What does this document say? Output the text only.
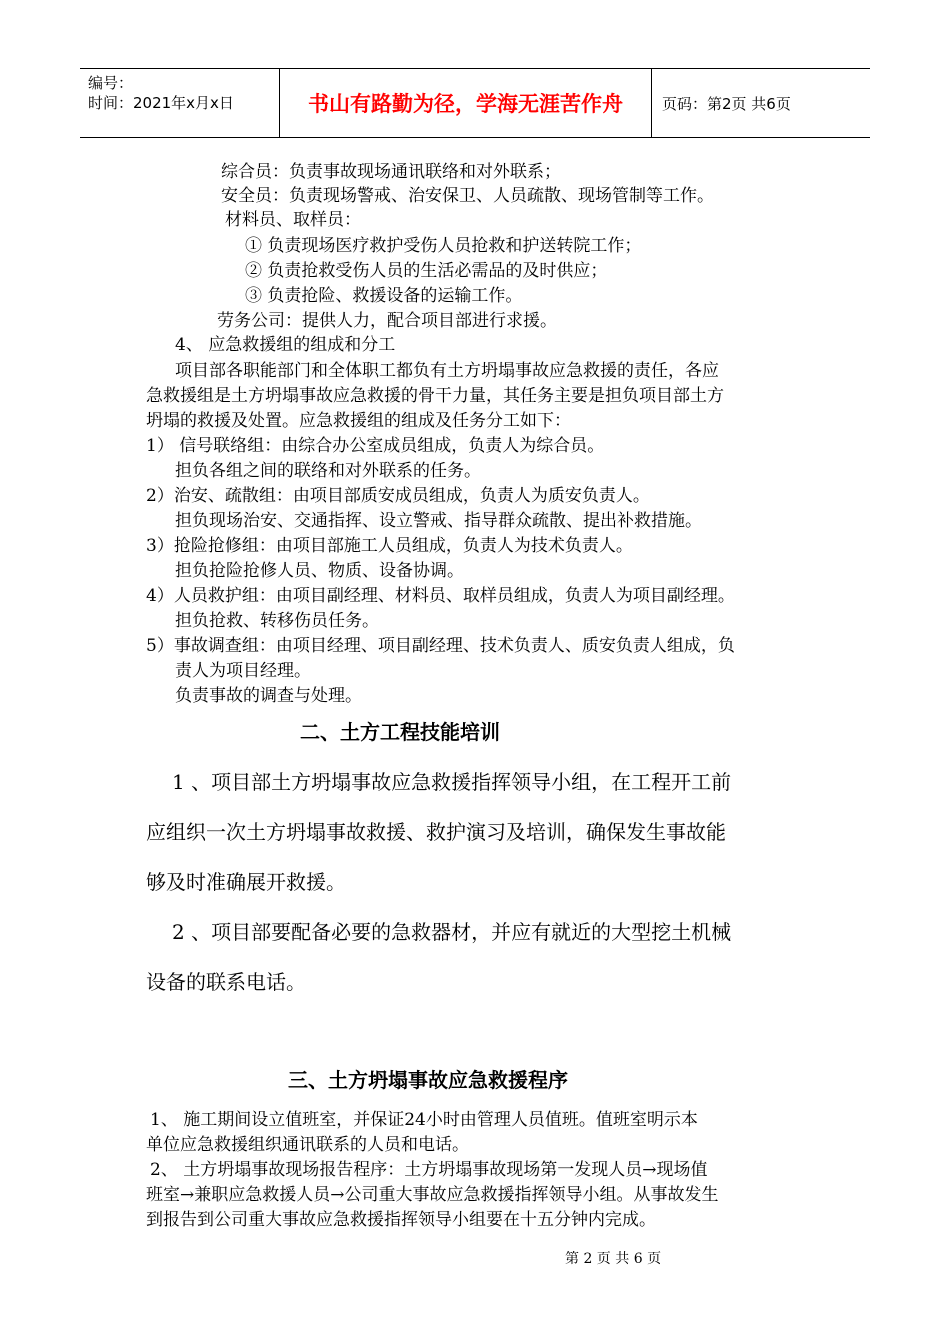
编号：
时间：2021年x月x日	书山有路勤为径，学海无涯苦作舟	页码：第2页 共6页
综合员：负责事故现场通讯联络和对外联系；
安全员：负责现场警戒、治安保卫、人员疏散、现场管制等工作。
材料员、取样员：
① 负责现场医疗救护受伤人员抢救和护送转院工作；
② 负责抢救受伤人员的生活必需品的及时供应；
③ 负责抢险、救援设备的运输工作。
劳务公司：提供人力，配合项目部进行求援。
4、 应急救援组的组成和分工
项目部各职能部门和全体职工都负有土方坍塌事故应急救援的责任，各应
急救援组是土方坍塌事故应急救援的骨干力量，其任务主要是担负项目部土方
坍塌的救援及处置。应急救援组的组成及任务分工如下：
1） 信号联络组：由综合办公室成员组成，负责人为综合员。
担负各组之间的联络和对外联系的任务。
2）治安、疏散组：由项目部质安成员组成，负责人为质安负责人。
担负现场治安、交通指挥、设立警戒、指导群众疏散、提出补救措施。
3）抢险抢修组：由项目部施工人员组成，负责人为技术负责人。
担负抢险抢修人员、物质、设备协调。
4）人员救护组：由项目副经理、材料员、取样员组成，负责人为项目副经理。
担负抢救、转移伤员任务。
5）事故调查组：由项目经理、项目副经理、技术负责人、质安负责人组成，负
责人为项目经理。
负责事故的调查与处理。
二、土方工程技能培训
1 、项目部土方坍塌事故应急救援指挥领导小组，在工程开工前
应组织一次土方坍塌事故救援、救护演习及培训，确保发生事故能
够及时准确展开救援。
2 、项目部要配备必要的急救器材，并应有就近的大型挖土机械
设备的联系电话。
三、土方坍塌事故应急救援程序
1、 施工期间设立值班室，并保证24小时由管理人员值班。值班室明示本
单位应急救援组织通讯联系的人员和电话。
2、 土方坍塌事故现场报告程序：土方坍塌事故现场第一发现人员→现场值
班室→兼职应急救援人员→公司重大事故应急救援指挥领导小组。从事故发生
到报告到公司重大事故应急救援指挥领导小组要在十五分钟内完成。
第 2 页 共 6 页
